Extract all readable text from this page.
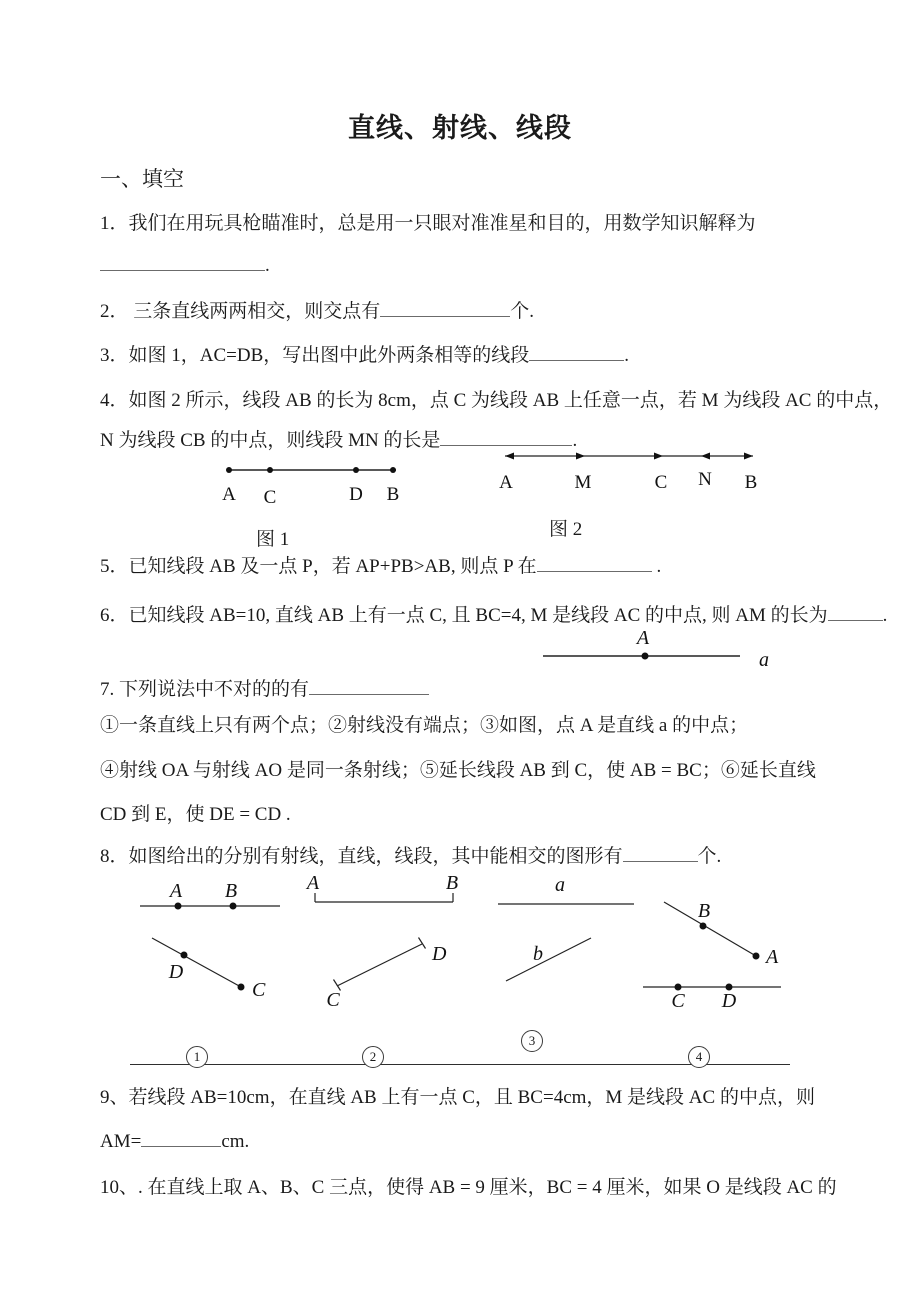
直线、射线、线段
一、填空
1．我们在用玩具枪瞄准时，总是用一只眼对准准星和目的，用数学知识解释为
.
2． 三条直线两两相交，则交点有	个.
3．如图 1，AC=DB，写出图中此外两条相等的线段	.
4．如图 2 所示，线段 AB 的长为 8cm，点 C 为线段 AB 上任意一点，若 M 为线段 AC 的中点，
N 为线段 CB 的中点，则线段 MN 的长是	.
A C	D B
A	M	N B
C
图 1	图 2
5．已知线段 AB 及一点 P，若 AP+PB>AB, 则点 P 在	.
6．已知线段 AB=10, 直线 AB 上有一点 C, 且 BC=4, M 是线段 AC 的中点, 则 AM 的长为	.
A
a
7. 下列说法中不对的的有
①一条直线上只有两个点；②射线没有端点；③如图，点 A 是直线 a 的中点；
④射线 OA 与射线 AO 是同一条射线；⑤延长线段 AB 到 C，使 AB = BC；⑥延长直线
CD 到 E，使 DE = CD .
8．如图给出的分别有射线，直线，线段，其中能相交的图形有	个.
A B
D
C
A	B
C
D
a
b
B
A
C D
1	2
3
4
9、若线段 AB=10cm，在直线 AB 上有一点 C，且 BC=4cm，M 是线段 AC 的中点，则
AM=	cm.
10、. 在直线上取 A、B、C 三点，使得 AB = 9 厘米，BC = 4 厘米，如果 O 是线段 AC 的
